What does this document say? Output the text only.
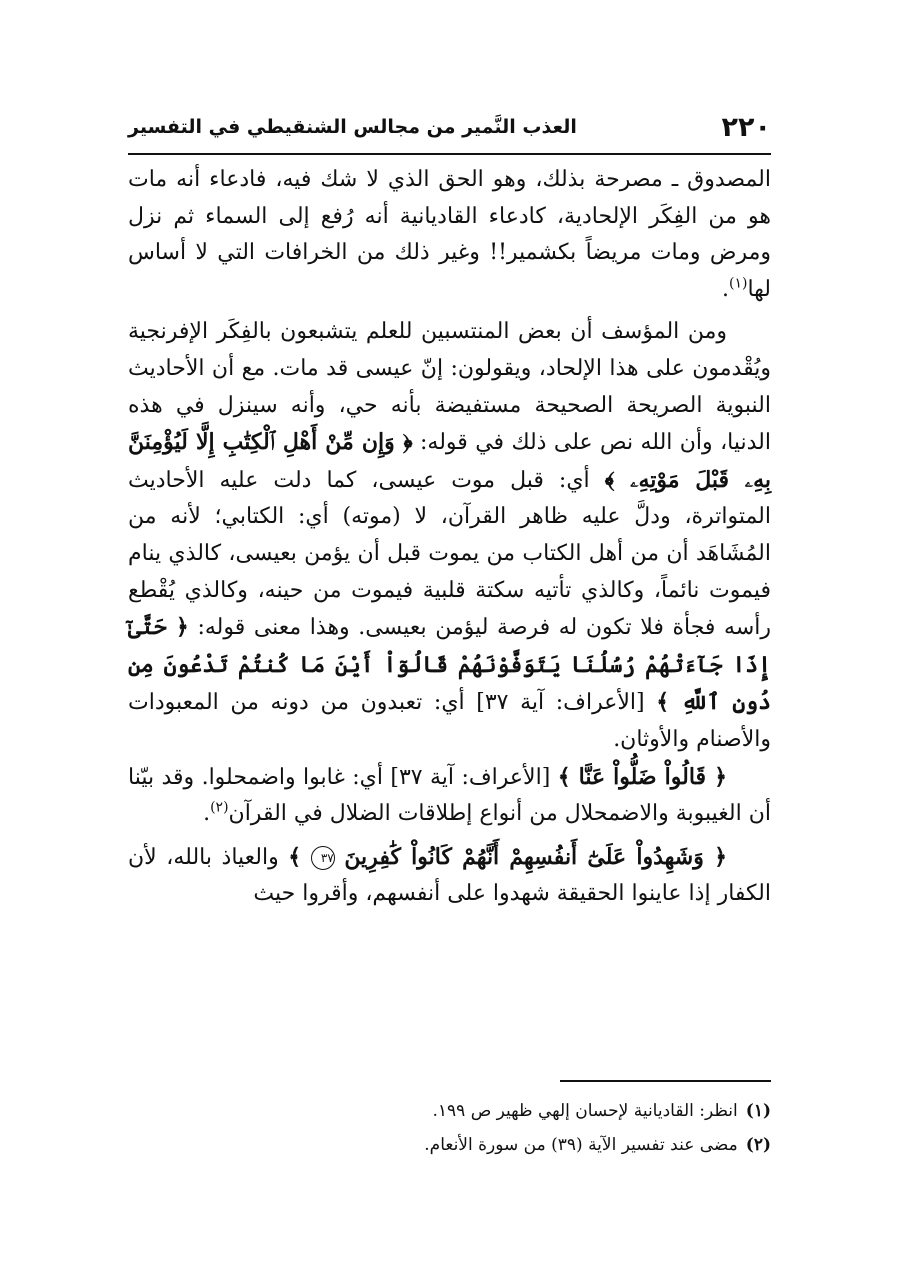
٢٢٠
العذب النَّمير من مجالس الشنقيطي في التفسير

المصدوق ـ مصرحة بذلك، وهو الحق الذي لا شك فيه، فادعاء أنه مات هو من الفِكَر الإلحادية، كادعاء القاديانية أنه رُفع إلى السماء ثم نزل ومرض ومات مريضاً بكشمير!! وغير ذلك من الخرافات التي لا أساس لها$^{(١)}$.

ومن المؤسف أن بعض المنتسبين للعلم يتشبعون بالفِكَر الإفرنجية ويُقْدمون على هذا الإلحاد، ويقولون: إنّ عيسى قد مات. مع أن الأحاديث النبوية الصريحة الصحيحة مستفيضة بأنه حي، وأنه سينزل في هذه الدنيا، وأن الله نص على ذلك في قوله: ﴿ وَإِن مِّنْ أَهْلِ ٱلْكِتَٰبِ إِلَّا لَيُؤْمِنَنَّ بِهِۦ قَبْلَ مَوْتِهِۦ ﴾ أي: قبل موت عيسى، كما دلت عليه الأحاديث المتواترة، ودلَّ عليه ظاهر القرآن، لا (موته) أي: الكتابي؛ لأنه من المُشَاهَد أن من أهل الكتاب من يموت قبل أن يؤمن بعيسى، كالذي ينام فيموت نائماً، وكالذي تأتيه سكتة قلبية فيموت من حينه، وكالذي يُقْطع رأسه فجأة فلا تكون له فرصة ليؤمن بعيسى. وهذا معنى قوله: ﴿ حَتَّىٰٓ إِذَا جَآءَتْهُمْ رُسُلُنَا يَتَوَفَّوْنَهُمْ قَالُوٓاْ أَيْنَ مَا كُنتُمْ تَدْعُونَ مِن دُونِ ٱللَّهِ ﴾ [الأعراف: آية ٣٧] أي: تعبدون من دونه من المعبودات والأصنام والأوثان.

﴿ قَالُواْ ضَلُّواْ عَنَّا ﴾ [الأعراف: آية ٣٧] أي: غابوا واضمحلوا. وقد بيّنا أن الغيبوبة والاضمحلال من أنواع إطلاقات الضلال في القرآن$^{(٢)}$.

﴿ وَشَهِدُواْ عَلَىٰٓ أَنفُسِهِمْ أَنَّهُمْ كَانُواْ كَٰفِرِينَ ٣٧ ﴾ والعياذ بالله، لأن الكفار إذا عاينوا الحقيقة شهدوا على أنفسهم، وأقروا حيث

(١)انظر: القاديانية لإحسان إلهي ظهير ص ١٩٩.

(٢)مضى عند تفسير الآية (٣٩) من سورة الأنعام.
